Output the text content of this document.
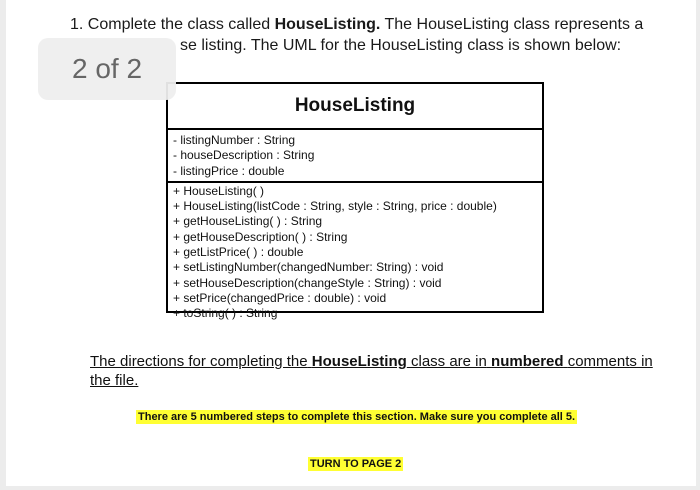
1. Complete the class called HouseListing. The HouseListing class represents a
se listing. The UML for the HouseListing class is shown below:
HouseListing
- listingNumber : String
- houseDescription : String
- listingPrice : double
+ HouseListing( )
+ HouseListing(listCode : String, style : String, price : double)
+ getHouseListing( ) : String
+ getHouseDescription( ) : String
+ getListPrice( ) : double
+ setListingNumber(changedNumber: String) : void
+ setHouseDescription(changeStyle : String) : void
+ setPrice(changedPrice : double) : void
+ toString( ) : String
The directions for completing the HouseListing class are in numbered comments in the file.
There are 5 numbered steps to complete this section. Make sure you complete all 5.
TURN TO PAGE 2
2 of 2
